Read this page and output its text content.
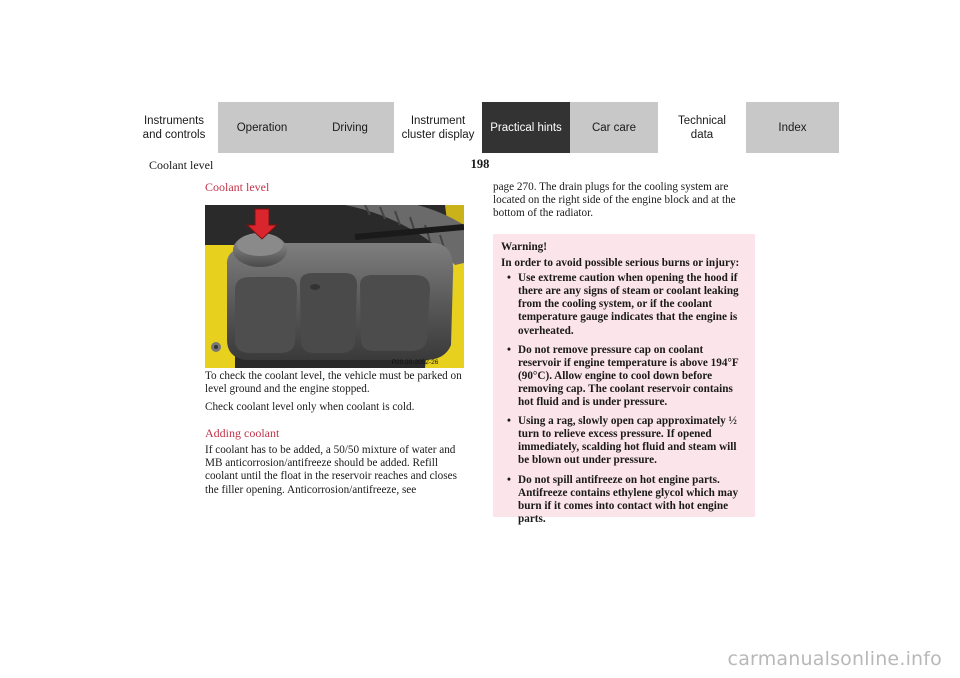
Instruments
and controls
Operation	Driving
Instrument
cluster display
Practical hints	Car care
Technical
data
Index
Coolant level	198
Coolant level

To check the coolant level, the vehicle must be parked on level ground and the engine stopped.

Check coolant level only when coolant is cold.

Adding coolant

If coolant has to be added, a 50/50 mixture of water and MB anticorrosion/antifreeze should be added. Refill coolant until the float in the reservoir reaches and closes the filler opening. Anticorrosion/antifreeze, see

P20.20-2052-26

page 270. The drain plugs for the cooling system are located on the right side of the engine block and at the bottom of the radiator.

Warning!
In order to avoid possible serious burns or injury:
• Use extreme caution when opening the hood if there are any signs of steam or coolant leaking from the cooling system, or if the coolant temperature gauge indicates that the engine is overheated.
• Do not remove pressure cap on coolant reservoir if engine temperature is above 194°F (90°C). Allow engine to cool down before removing cap. The coolant reservoir contains hot fluid and is under pressure.
• Using a rag, slowly open cap approximately ½ turn to relieve excess pressure. If opened immediately, scalding hot fluid and steam will be blown out under pressure.
• Do not spill antifreeze on hot engine parts. Antifreeze contains ethylene glycol which may burn if it comes into contact with hot engine parts.
carmanualsonline.info
